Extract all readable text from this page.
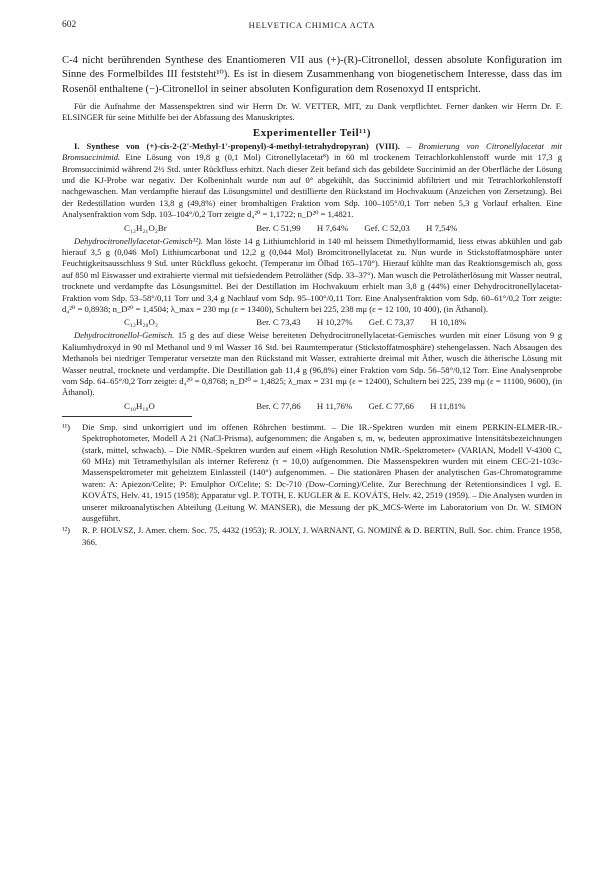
602	HELVETICA CHIMICA ACTA

C-4 nicht berührenden Synthese des Enantiomeren VII aus (+)-(R)-Citronellol, dessen absolute Konfiguration im Sinne des Formelbildes III feststeht¹⁰). Es ist in diesem Zusammenhang von biogenetischem Interesse, dass das im Rosenöl enthaltene (−)-Citronellol in seiner absoluten Konfiguration dem Rosenoxyd II entspricht.

Für die Aufnahme der Massenspektren sind wir Herrn Dr. W. VETTER, MIT, zu Dank verpflichtet. Ferner danken wir Herrn Dr. F. ELSINGER für seine Mithilfe bei der Abfassung des Manuskriptes.

Experimenteller Teil¹¹)

I. Synthese von (+)-cis-2-(2'-Methyl-1'-propenyl)-4-methyl-tetrahydropyran) (VIII). – Bromierung von Citronellylacetat mit Bromsuccinimid. Eine Lösung von 19,8 g (0,1 Mol) Citronellylacetat⁸) in 60 ml trockenem Tetrachlorkohlenstoff wurde mit 17,3 g Bromsuccinimid während 2½ Std. unter Rückfluss erhitzt. Nach dieser Zeit befand sich das gebildete Succinimid an der Oberfläche der Lösung und die KJ-Probe war negativ. Der Kolbeninhalt wurde nun auf 0° abgekühlt, das Succinimid abfiltriert und mit Tetrachlorkohlenstoff nachgewaschen. Man verdampfte hierauf das Lösungsmittel und destillierte den Rückstand im Hochvakuum (Anzeichen von Zersetzung). Bei der Redestillation wurden 13,8 g (49,8%) einer bromhaltigen Fraktion vom Sdp. 100–105°/0,1 Torr neben 5,3 g Vorlauf erhalten. Eine Analysenfraktion vom Sdp. 103–104°/0,2 Torr zeigte d₄²⁰ = 1,1722; n_D²⁰ = 1,4821.

C₁₂H₂₁O₂Br	Ber. C 51,99 H 7,64% Gef. C 52,03 H 7,54%

Dehydrocitronellylacetat-Gemisch¹²). Man löste 14 g Lithiumchlorid in 140 ml heissem Dimethylformamid, liess etwas abkühlen und gab hierauf 3,5 g (0,046 Mol) Lithiumcarbonat und 12,2 g (0,044 Mol) Bromcitronellylacetat zu. Nun wurde in Stickstoffatmosphäre unter Feuchtigkeitsausschluss 9 Std. unter Rückfluss gekocht. (Temperatur im Ölbad 165–170°). Hierauf kühlte man das Reaktionsgemisch ab, goss auf 850 ml Eiswasser und extrahierte viermal mit tiefsiedendem Petroläther (Sdp. 33–37°). Man wusch die Petrolätherlösung mit Wasser neutral, trocknete und verdampfte das Lösungsmittel. Bei der Destillation im Hochvakuum erhielt man 3,8 g (44%) einer Dehydrocitronellylacetat-Fraktion vom Sdp. 53–58°/0,11 Torr und 3,4 g Nachlauf vom Sdp. 95–100°/0,11 Torr. Eine Analysenfraktion vom Sdp. 60–61°/0,2 Torr zeigte: d₄²⁰ = 0,8938; n_D²⁰ = 1,4504; λ_max = 230 mμ (ε = 13400), Schultern bei 225, 238 mμ (ε = 12 100, 10 400), (in Äthanol).

C₁₂H₂₀O₂	Ber. C 73,43 H 10,27% Gef. C 73,37 H 10,18%

Dehydrocitronellol-Gemisch. 15 g des auf diese Weise bereiteten Dehydrocitronellylacetat-Gemisches wurden mit einer Lösung von 9 g Kaliumhydroxyd in 90 ml Methanol und 9 ml Wasser 16 Std. bei Raumtemperatur (Stickstoffatmosphäre) stehengelassen. Nach Absaugen des Methanols bei niedriger Temperatur versetzte man den Rückstand mit Wasser, extrahierte dreimal mit Äther, wusch die ätherische Lösung mit Wasser neutral, trocknete und verdampfte. Die Destillation gab 11,4 g (96,8%) einer Fraktion vom Sdp. 56–58°/0,12 Torr. Eine Analysenprobe vom Sdp. 64–65°/0,2 Torr zeigte: d₄²⁰ = 0,8768; n_D²⁰ = 1,4825; λ_max = 231 mμ (ε = 12400), Schultern bei 225, 239 mμ (ε = 11100, 9600), (in Äthanol).

C₁₀H₁₈O	Ber. C 77,86 H 11,76% Gef. C 77,66 H 11,81%
¹¹) Die Smp. sind unkorrigiert und im offenen Röhrchen bestimmt. – Die IR.-Spektren wurden mit einem PERKIN-ELMER-IR.-Spektrophotometer, Modell A 21 (NaCl-Prisma), aufgenommen; die Angaben s, m, w, bedeuten approximative Intensitätsbezeichnungen (stark, mittel, schwach). – Die NMR.-Spektren wurden auf einem «High Resolution NMR.-Spektrometer» (VARIAN, Modell V-4300 C, 60 MHz) mit Tetramethylsilan als interner Referenz (τ = 10,0) aufgenommen. Die Massenspektren wurden mit einem CEC-21-103c-Massenspektrometer mit geheiztem Einlassteil (140°) aufgenommen. – Die stationären Phasen der analytischen Gas-Chromatogramme waren: A: Apiezon/Celite; P: Emulphor O/Celite; S: Dc-710 (Dow-Corning)/Celite. Zur Berechnung der Retentionsindices I vgl. E. KOVÁTS, Helv. 41, 1915 (1958); Apparatur vgl. P. TOTH, E. KUGLER & E. KOVÁTS, Helv. 42, 2519 (1959). – Die Analysen wurden in unserer mikroanalytischen Abteilung (Leitung W. MANSER), die Messung der pK_MCS-Werte im Laboratorium von Dr. W. SIMON ausgeführt.
¹²) R. P. HOLVSZ, J. Amer. chem. Soc. 75, 4432 (1953); R. JOLY, J. WARNANT, G. NOMINÉ & D. BERTIN, Bull. Soc. chim. France 1958, 366.
